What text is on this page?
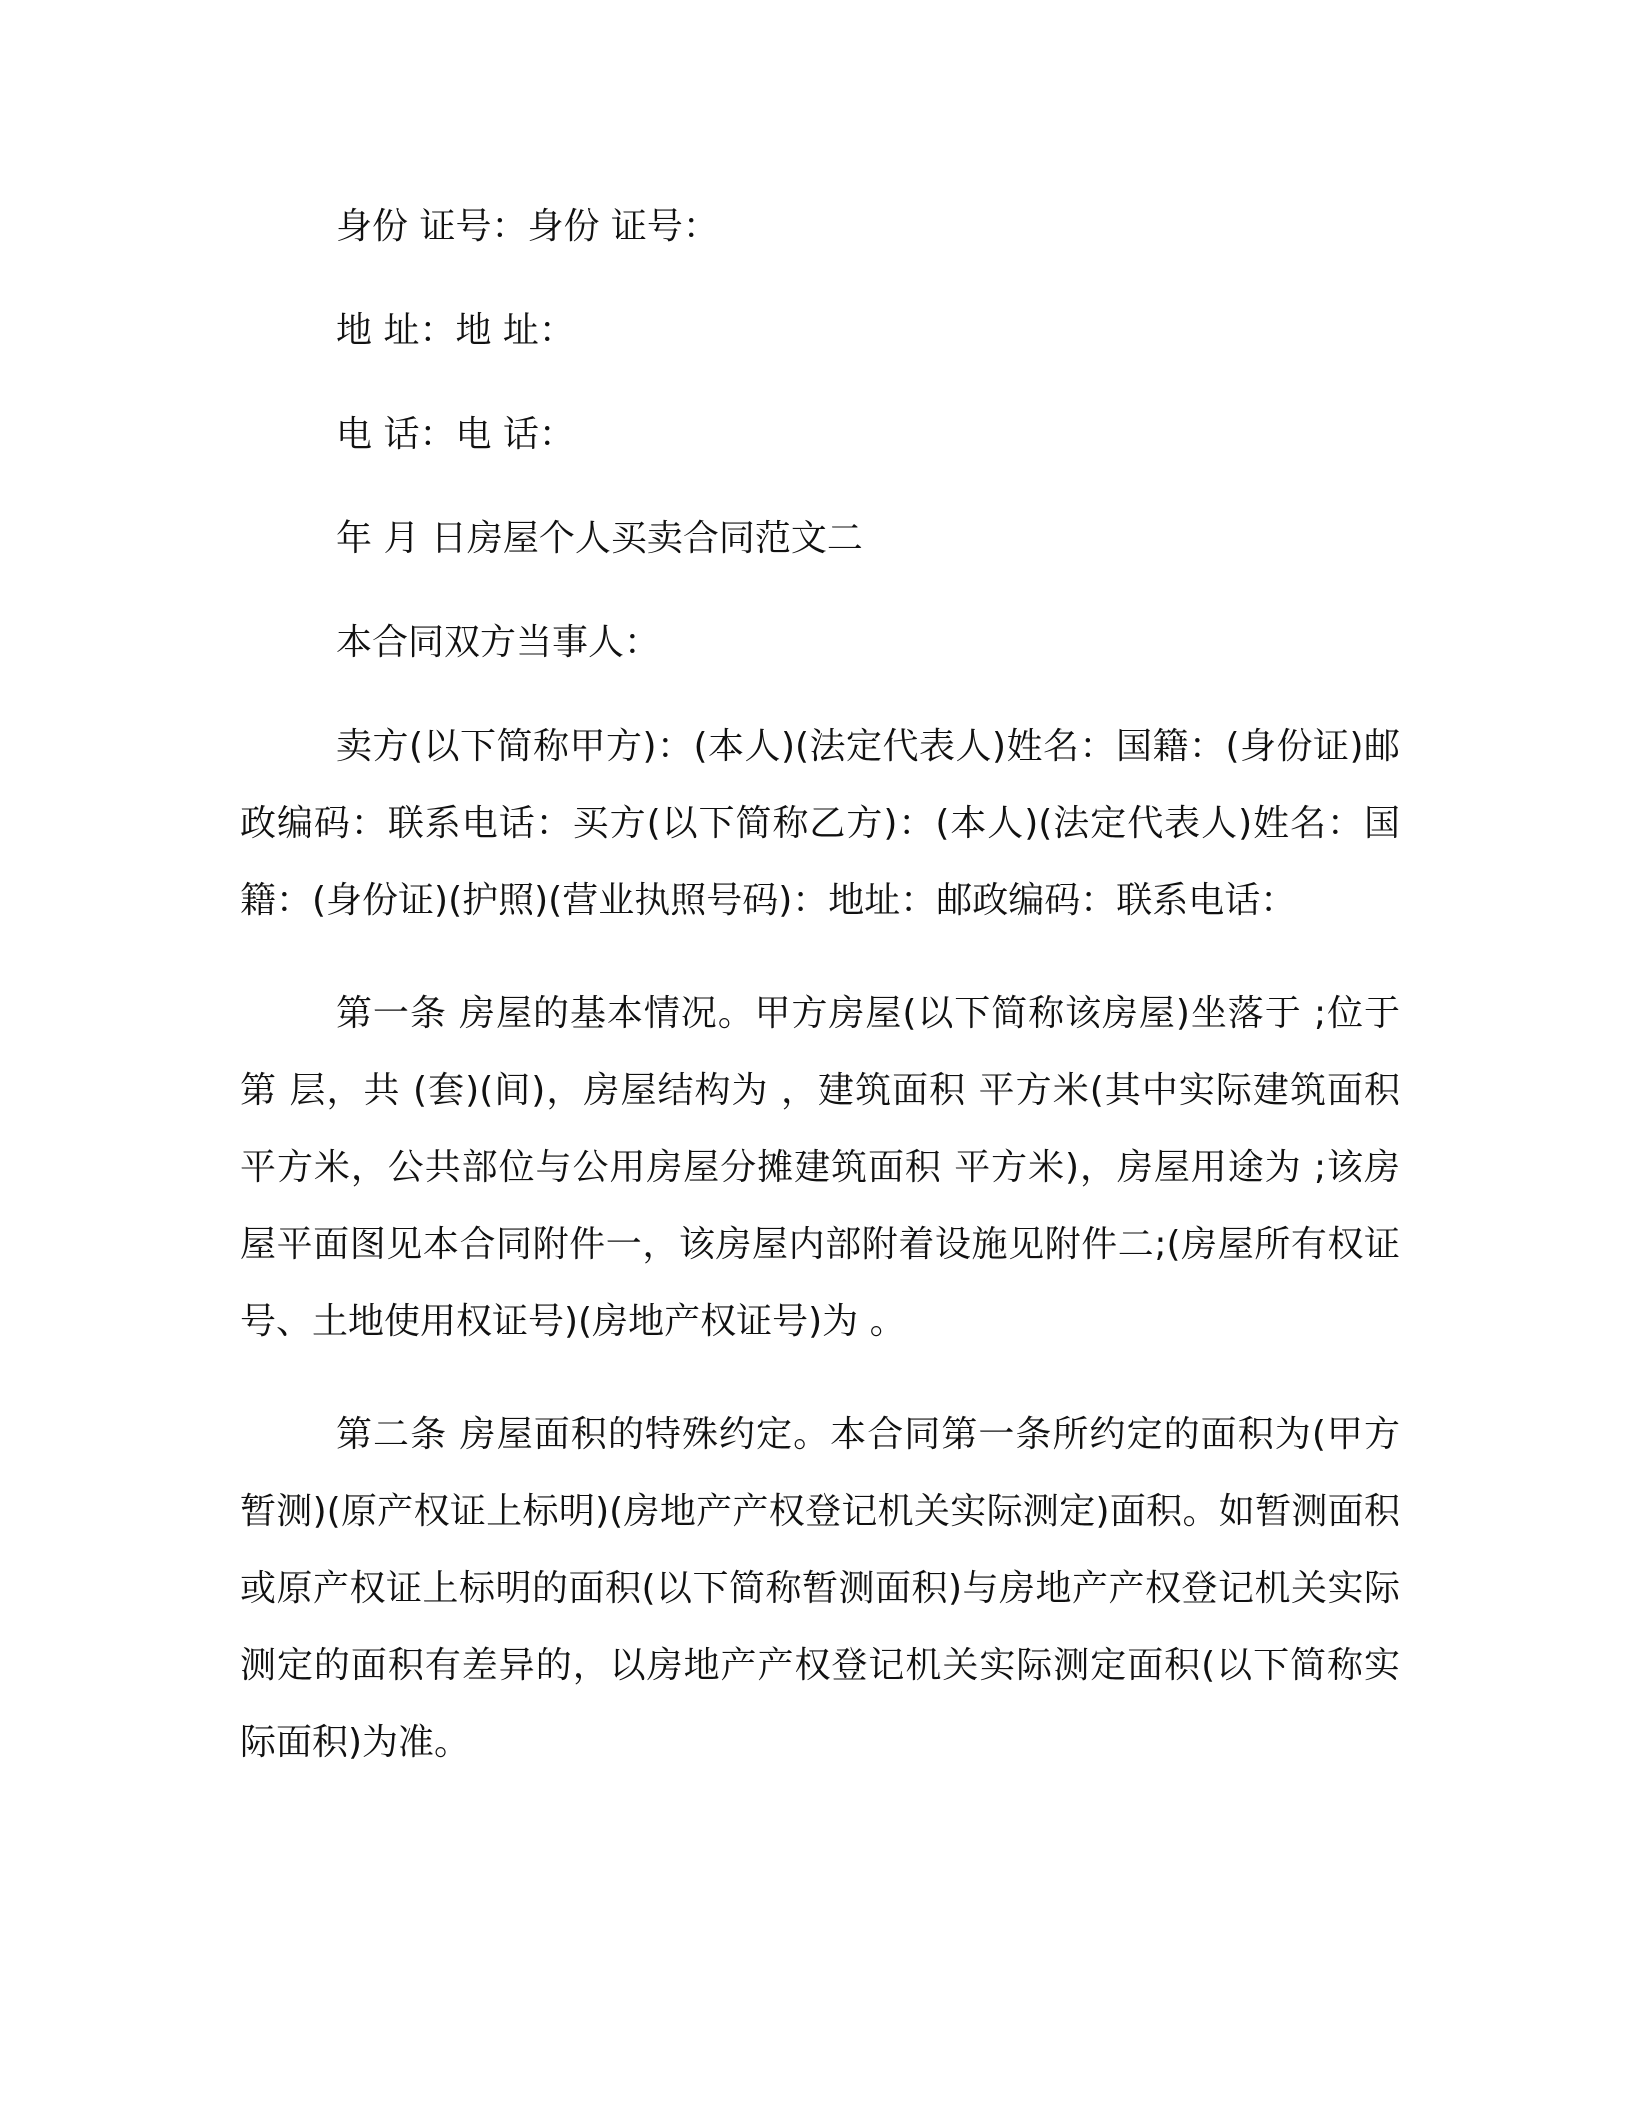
身份 证号：身份 证号：

地 址：地 址：

电 话：电 话：

年 月 日房屋个人买卖合同范文二

本合同双方当事人：

卖方(以下简称甲方)：(本人)(法定代表人)姓名：国籍：(身份证)邮政编码：联系电话：买方(以下简称乙方)：(本人)(法定代表人)姓名：国籍：(身份证)(护照)(营业执照号码)：地址：邮政编码：联系电话：

第一条 房屋的基本情况。甲方房屋(以下简称该房屋)坐落于 ;位于第 层，共 (套)(间)，房屋结构为 ，建筑面积 平方米(其中实际建筑面积 平方米，公共部位与公用房屋分摊建筑面积 平方米)，房屋用途为 ;该房屋平面图见本合同附件一，该房屋内部附着设施见附件二;(房屋所有权证号、土地使用权证号)(房地产权证号)为 。

第二条 房屋面积的特殊约定。本合同第一条所约定的面积为(甲方暂测)(原产权证上标明)(房地产产权登记机关实际测定)面积。如暂测面积或原产权证上标明的面积(以下简称暂测面积)与房地产产权登记机关实际测定的面积有差异的，以房地产产权登记机关实际测定面积(以下简称实际面积)为准。
